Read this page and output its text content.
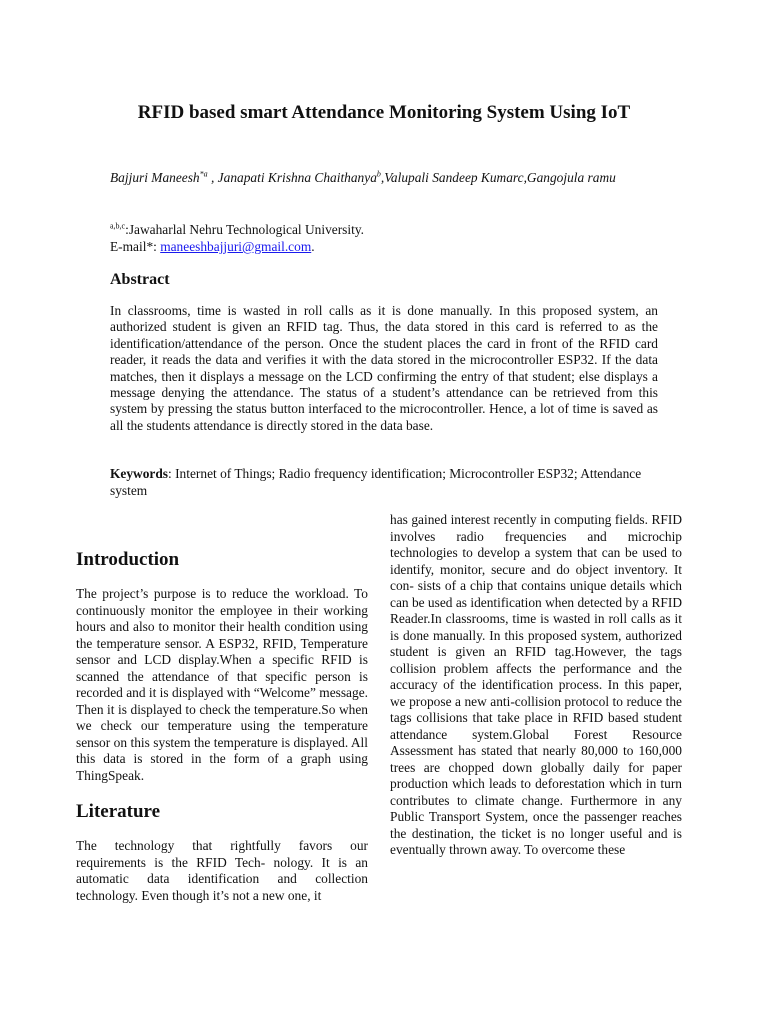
RFID based smart Attendance Monitoring System Using IoT
Bajjuri Maneesh$^{*a}$ , Janapati Krishna Chaithanya$^b$,Valupali Sandeep Kumarc,Gangojula ramu
$^{a,b,c}$:Jawaharlal Nehru Technological University.
E-mail*: maneeshbajjuri@gmail.com.
Abstract
In classrooms, time is wasted in roll calls as it is done manually. In this proposed system, an authorized student is given an RFID tag. Thus, the data stored in this card is referred to as the identification/attendance of the person. Once the student places the card in front of the RFID card reader, it reads the data and verifies it with the data stored in the microcontroller ESP32. If the data matches, then it displays a message on the LCD confirming the entry of that student; else displays a message denying the attendance. The status of a student’s attendance can be retrieved from this system by pressing the status button interfaced to the microcontroller. Hence, a lot of time is saved as all the students attendance is directly stored in the data base.
Keywords: Internet of Things; Radio frequency identification; Microcontroller ESP32; Attendance system
Introduction

The project’s purpose is to reduce the workload. To continuously monitor the employee in their working hours and also to monitor their health condition using the temperature sensor. A ESP32, RFID, Temperature sensor and LCD display.When a specific RFID is scanned the attendance of that specific person is recorded and it is displayed with “Welcome” message. Then it is displayed to check the temperature.So when we check our temperature using the temperature sensor on this system the temperature is displayed. All this data is stored in the form of a graph using ThingSpeak.

Literature

The technology that rightfully favors our requirements is the RFID Tech- nology. It is an automatic data identification and collection technology. Even though it’s not a new one, it

has gained interest recently in computing fields. RFID involves radio frequencies and microchip technologies to develop a system that can be used to identify, monitor, secure and do object inventory. It con- sists of a chip that contains unique details which can be used as identification when detected by a RFID Reader.In classrooms, time is wasted in roll calls as it is done manually. In this proposed system, authorized student is given an RFID tag.However, the tags collision problem affects the performance and the accuracy of the identification process. In this paper, we propose a new anti-collision protocol to reduce the tags collisions that take place in RFID based student attendance system.Global Forest Resource Assessment has stated that nearly 80,000 to 160,000 trees are chopped down globally daily for paper production which leads to deforestation which in turn contributes to climate change. Furthermore in any Public Transport System, once the passenger reaches the destination, the ticket is no longer useful and is eventually thrown away. To overcome these
